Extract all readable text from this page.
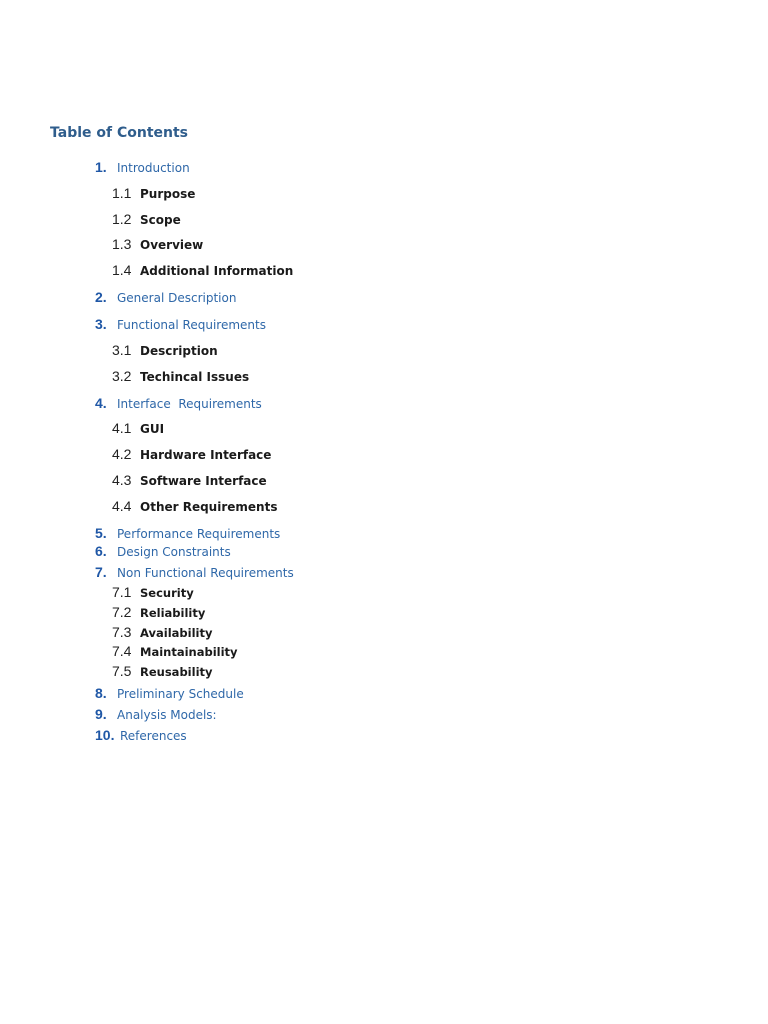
Table of Contents
1. Introduction
1.1 Purpose
1.2 Scope
1.3 Overview
1.4 Additional Information
2. General Description
3. Functional Requirements
3.1 Description
3.2 Techincal Issues
4. Interface  Requirements
4.1 GUI
4.2 Hardware Interface
4.3 Software Interface
4.4 Other Requirements
5. Performance Requirements
6. Design Constraints
7. Non Functional Requirements
7.1 Security
7.2 Reliability
7.3 Availability
7.4 Maintainability
7.5 Reusability
8. Preliminary Schedule
9. Analysis Models:
10. References
